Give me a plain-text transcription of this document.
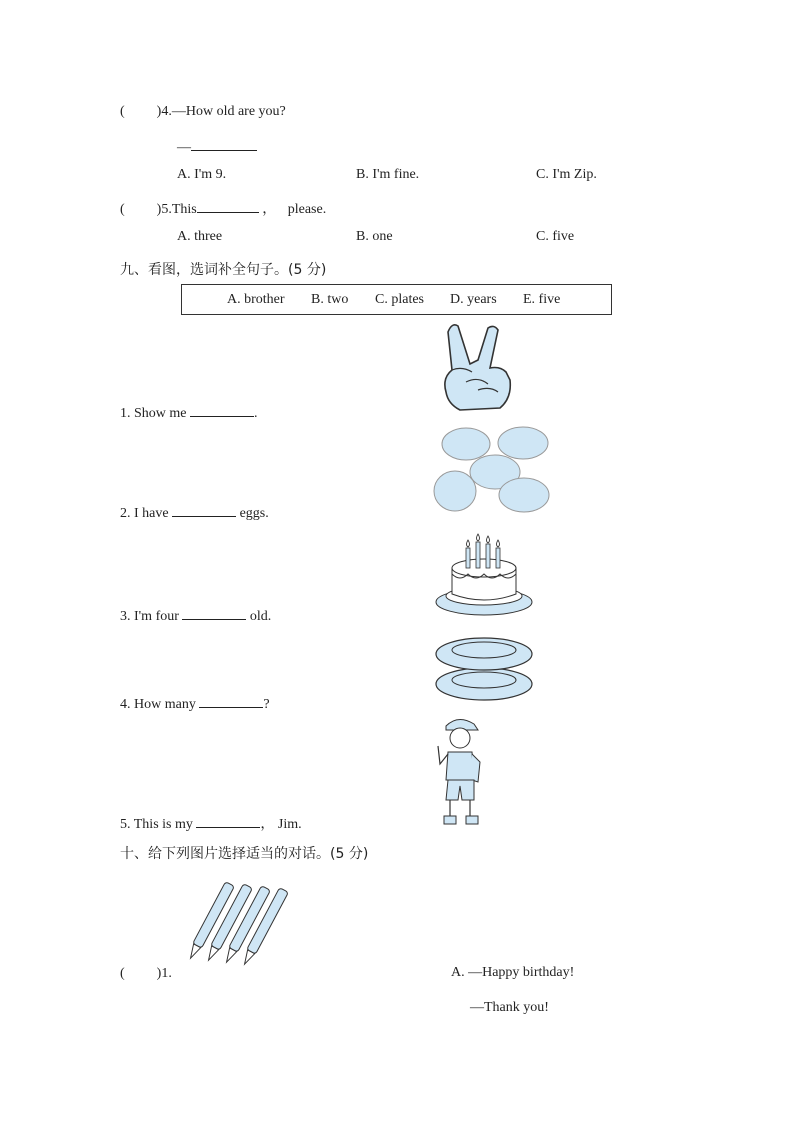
( )4.—How old are you?
—
A. I'm 9.	B. I'm fine.	C. I'm Zip.
( )5.This	， please.
A. three	B. one	C. five
九、看图，选词补全句子。(5 分)
A. brother B. two C. plates D. years E. five
1. Show me	.
2. I have	eggs.
3. I'm four	old.
4. How many	?
5. This is my	， Jim.
十、给下列图片选择适当的对话。(5 分)
( )1.	A. —Happy birthday!
—Thank you!
